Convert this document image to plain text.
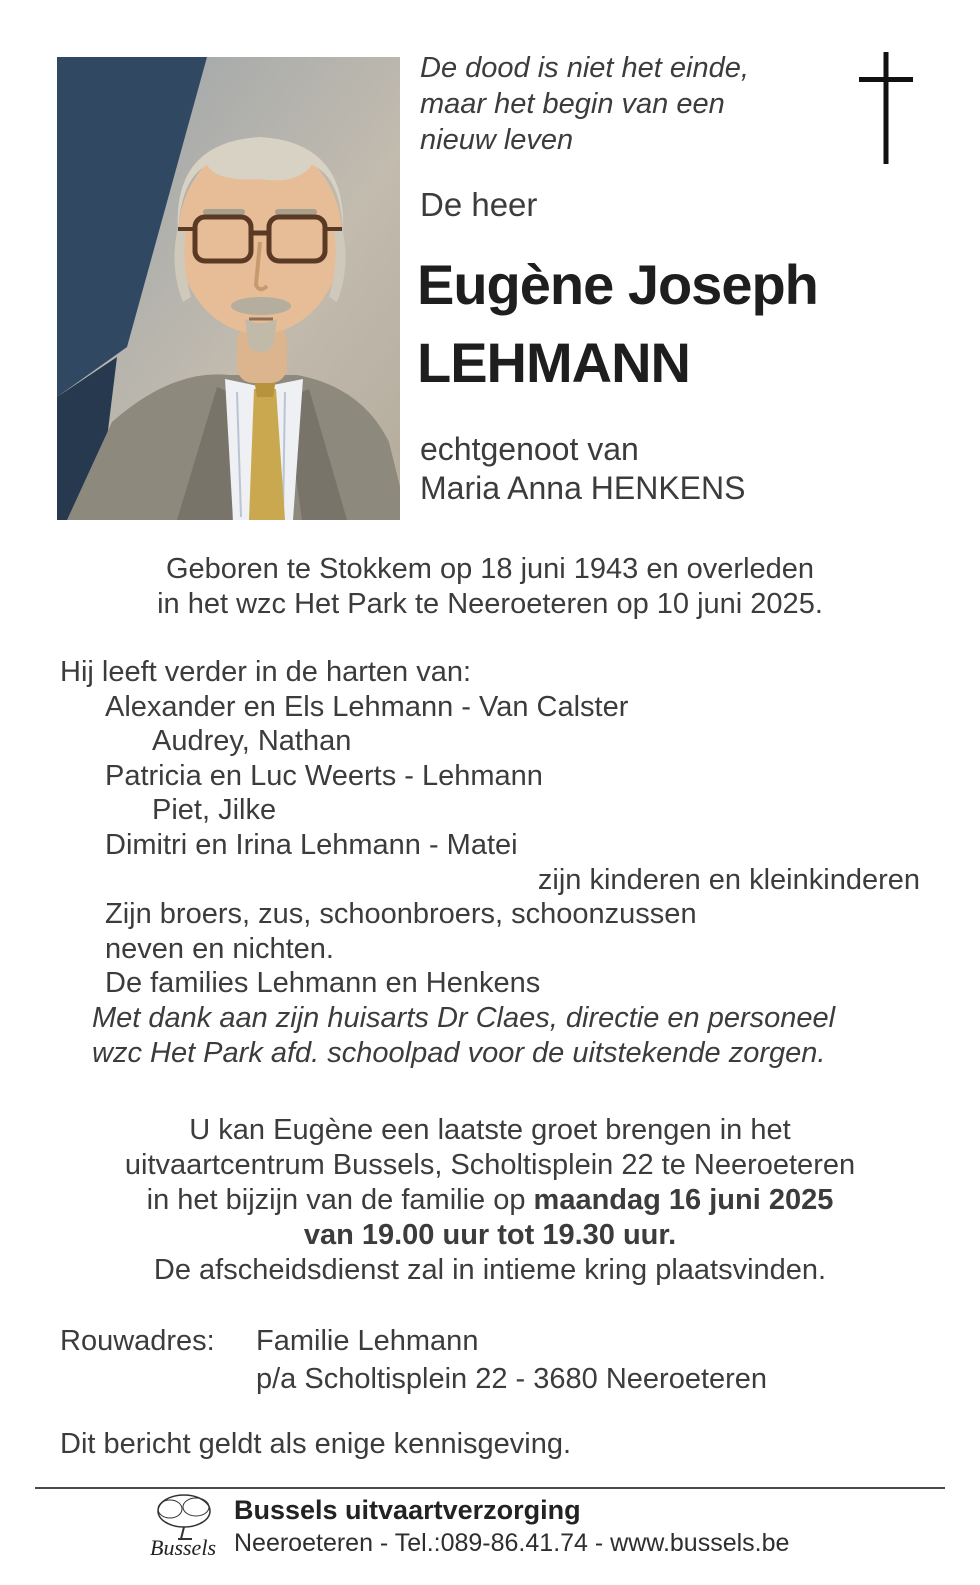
De dood is niet het einde,
maar het begin van een
nieuw leven
De heer
Eugène Joseph
LEHMANN
echtgenoot van
Maria Anna HENKENS
Geboren te Stokkem op 18 juni 1943 en overleden
in het wzc Het Park te Neeroeteren op 10 juni 2025.
Hij leeft verder in de harten van:
Alexander en Els Lehmann - Van Calster
Audrey, Nathan
Patricia en Luc Weerts - Lehmann
Piet, Jilke
Dimitri en Irina Lehmann - Matei
zijn kinderen en kleinkinderen
Zijn broers, zus, schoonbroers, schoonzussen
neven en nichten.
De families Lehmann en Henkens
Met dank aan zijn huisarts Dr Claes, directie en personeel
wzc Het Park afd. schoolpad voor de uitstekende zorgen.
U kan Eugène een laatste groet brengen in het
uitvaartcentrum Bussels, Scholtisplein 22 te Neeroeteren
in het bijzijn van de familie op maandag 16 juni 2025
van 19.00 uur tot 19.30 uur.
De afscheidsdienst zal in intieme kring plaatsvinden.
Rouwadres:	Familie Lehmann
p/a Scholtisplein 22 - 3680 Neeroeteren
Dit bericht geldt als enige kennisgeving.
Bussels
Bussels uitvaartverzorging
Neeroeteren - Tel.:089-86.41.74 - www.bussels.be
